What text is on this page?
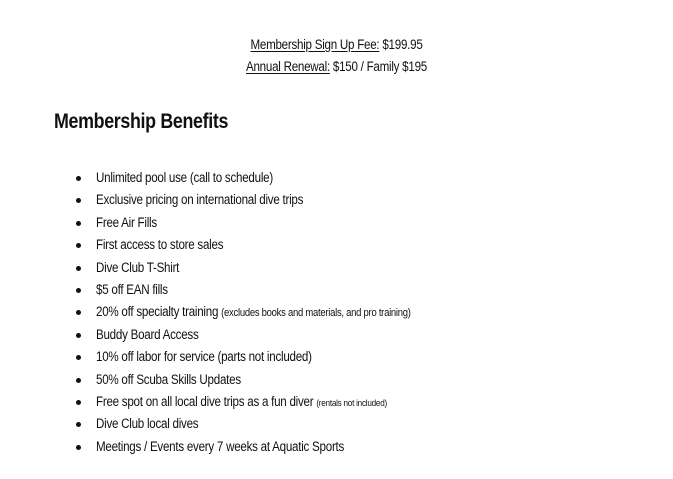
Membership Sign Up Fee: $199.95
Annual Renewal: $150 / Family $195
Membership Benefits
Unlimited pool use (call to schedule)
Exclusive pricing on international dive trips
Free Air Fills
First access to store sales
Dive Club T-Shirt
$5 off EAN fills
20% off specialty training (excludes books and materials, and pro training)
Buddy Board Access
10% off labor for service (parts not included)
50% off Scuba Skills Updates
Free spot on all local dive trips as a fun diver (rentals not included)
Dive Club local dives
Meetings / Events every 7 weeks at Aquatic Sports
